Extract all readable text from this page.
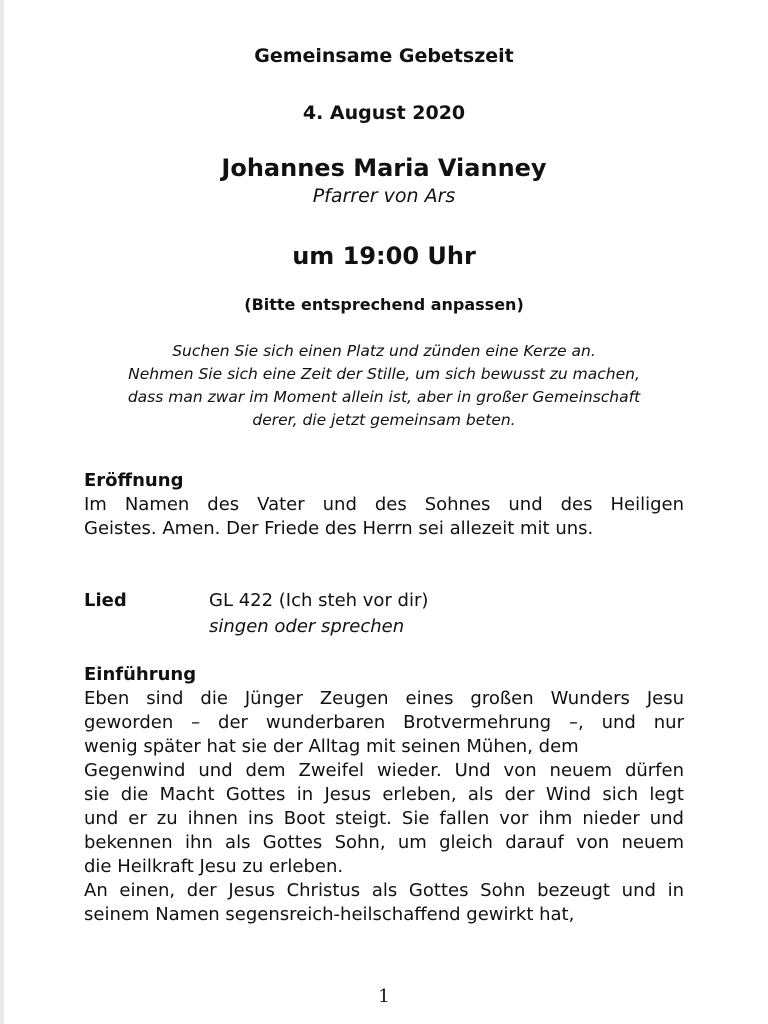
Gemeinsame Gebetszeit

4. August 2020

Johannes Maria Vianney

Pfarrer von Ars

um 19:00 Uhr

(Bitte entsprechend anpassen)

Suchen Sie sich einen Platz und zünden eine Kerze an.
Nehmen Sie sich eine Zeit der Stille, um sich bewusst zu machen,
dass man zwar im Moment allein ist, aber in großer Gemeinschaft
derer, die jetzt gemeinsam beten.
Eröffnung
Im Namen des Vater und des Sohnes und des Heiligen
Geistes. Amen. Der Friede des Herrn sei allezeit mit uns.

Lied	GL 422 (Ich steh vor dir)

singen oder sprechen

Einführung
Eben sind die Jünger Zeugen eines großen Wunders Jesu
geworden – der wunderbaren Brotvermehrung –, und nur
wenig später hat sie der Alltag mit seinen Mühen, dem
Gegenwind und dem Zweifel wieder. Und von neuem dürfen
sie die Macht Gottes in Jesus erleben, als der Wind sich legt
und er zu ihnen ins Boot steigt. Sie fallen vor ihm nieder und
bekennen ihn als Gottes Sohn, um gleich darauf von neuem
die Heilkraft Jesu zu erleben.
An einen, der Jesus Christus als Gottes Sohn bezeugt und in
seinem Namen segensreich-heilschaffend gewirkt hat,

1
